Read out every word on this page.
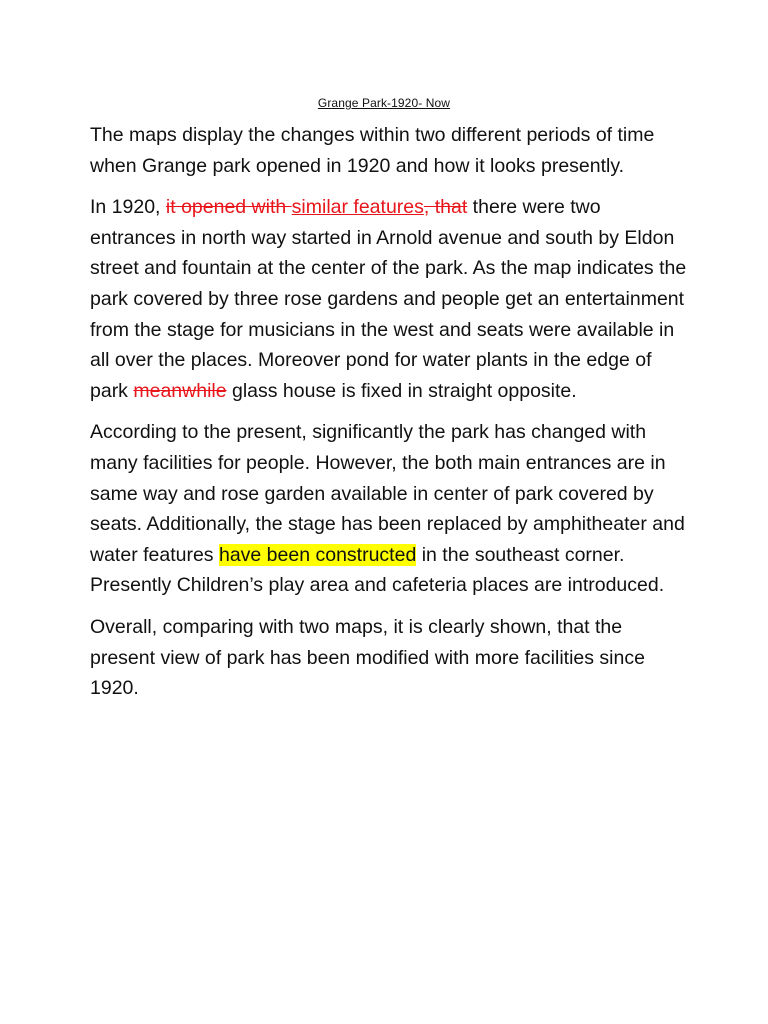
Grange Park-1920- Now

The maps display the changes within two different periods of time when Grange park opened in 1920 and how it looks presently.

In 1920, it opened with similar features, that there were two entrances in north way started in Arnold avenue and south by Eldon street and fountain at the center of the park. As the map indicates the park covered by three rose gardens and people get an entertainment from the stage for musicians in the west and seats were available in all over the places. Moreover pond for water plants in the edge of park meanwhile glass house is fixed in straight opposite.

According to the present, significantly the park has changed with many facilities for people. However, the both main entrances are in same way and rose garden available in center of park covered by seats. Additionally, the stage has been replaced by amphitheater and water features have been constructed in the southeast corner. Presently Children’s play area and cafeteria places are introduced.

Overall, comparing with two maps, it is clearly shown, that the present view of park has been modified with more facilities since 1920.
